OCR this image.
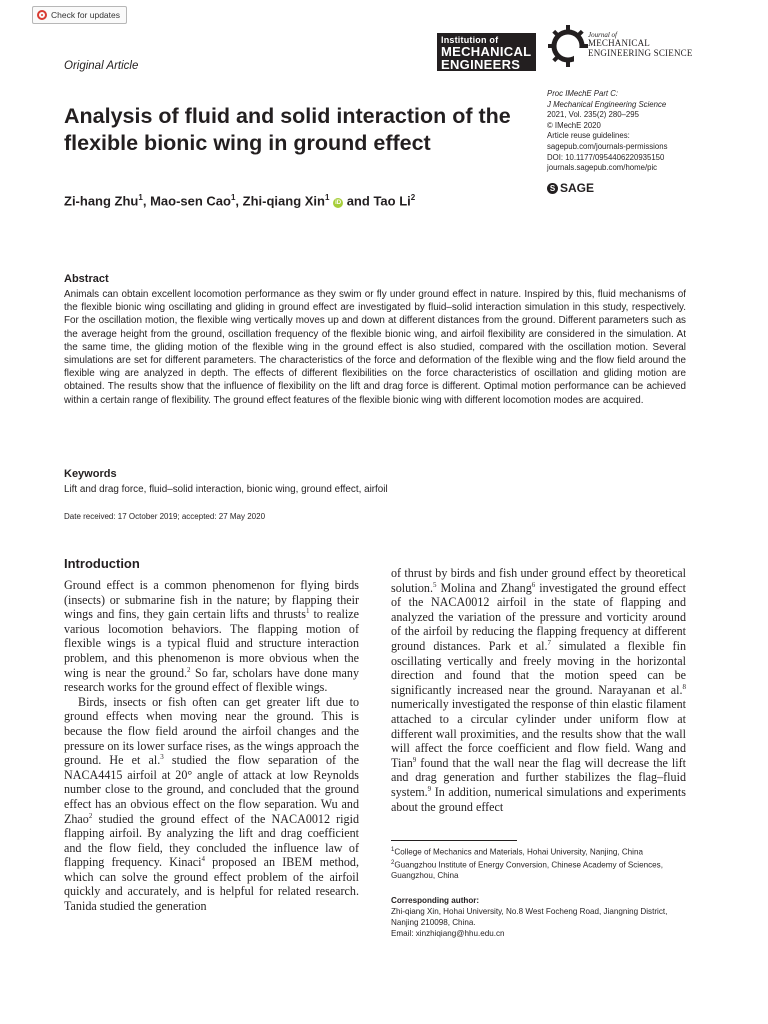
Check for updates
Original Article
Institution of
MECHANICAL
ENGINEERS
Journal of
MECHANICAL
ENGINEERING SCIENCE
Analysis of fluid and solid interaction of the flexible bionic wing in ground effect
Proc IMechE Part C:
J Mechanical Engineering Science
2021, Vol. 235(2) 280–295
© IMechE 2020
Article reuse guidelines:
sagepub.com/journals-permissions
DOI: 10.1177/0954406220935150
journals.sagepub.com/home/pic
S SAGE
Zi-hang Zhu$^1$, Mao-sen Cao$^1$, Zhi-qiang Xin$^1$ iD and Tao Li$^2$
Abstract
Animals can obtain excellent locomotion performance as they swim or fly under ground effect in nature. Inspired by this, fluid mechanisms of the flexible bionic wing oscillating and gliding in ground effect are investigated by fluid–solid interaction simulation in this study, respectively. For the oscillation motion, the flexible wing vertically moves up and down at different distances from the ground. Different parameters such as the average height from the ground, oscillation frequency of the flexible bionic wing, and airfoil flexibility are considered in the simulation. At the same time, the gliding motion of the flexible wing in the ground effect is also studied, compared with the oscillation motion. Several simulations are set for different parameters. The characteristics of the force and deformation of the flexible wing and the flow field around the flexible wing are analyzed in depth. The effects of different flexibilities on the force characteristics of oscillation and gliding motion are obtained. The results show that the influence of flexibility on the lift and drag force is different. Optimal motion performance can be achieved within a certain range of flexibility. The ground effect features of the flexible bionic wing with different locomotion modes are acquired.
Keywords
Lift and drag force, fluid–solid interaction, bionic wing, ground effect, airfoil
Date received: 17 October 2019; accepted: 27 May 2020
Introduction

Ground effect is a common phenomenon for flying birds (insects) or submarine fish in the nature; by flapping their wings and fins, they gain certain lifts and thrusts$^1$ to realize various locomotion behaviors. The flapping motion of flexible wings is a typical fluid and structure interaction problem, and this phenomenon is more obvious when the wing is near the ground.$^2$ So far, scholars have done many research works for the ground effect of flexible wings.

Birds, insects or fish often can get greater lift due to ground effects when moving near the ground. This is because the flow field around the airfoil changes and the pressure on its lower surface rises, as the wings approach the ground. He et al.$^3$ studied the flow separation of the NACA4415 airfoil at 20° angle of attack at low Reynolds number close to the ground, and concluded that the ground effect has an obvious effect on the flow separation. Wu and Zhao$^2$ studied the ground effect of the NACA0012 rigid flapping airfoil. By analyzing the lift and drag coefficient and the flow field, they concluded the influence law of flapping frequency. Kinaci$^4$ proposed an IBEM method, which can solve the ground effect problem of the airfoil quickly and accurately, and is helpful for related research. Tanida studied the generation

of thrust by birds and fish under ground effect by theoretical solution.$^5$ Molina and Zhang$^6$ investigated the ground effect of the NACA0012 airfoil in the state of flapping and analyzed the variation of the pressure and vorticity around of the airfoil by reducing the flapping frequency at different ground distances. Park et al.$^7$ simulated a flexible fin oscillating vertically and freely moving in the horizontal direction and found that the motion speed can be significantly increased near the ground. Narayanan et al.$^8$ numerically investigated the response of thin elastic filament attached to a circular cylinder under uniform flow at different wall proximities, and the results show that the wall will affect the force coefficient and flow field. Wang and Tian$^9$ found that the wall near the flag will decrease the lift and drag generation and further stabilizes the flag–fluid system.$^9$ In addition, numerical simulations and experiments about the ground effect

$^1$College of Mechanics and Materials, Hohai University, Nanjing, China
$^2$Guangzhou Institute of Energy Conversion, Chinese Academy of Sciences, Guangzhou, China
Corresponding author:
Zhi-qiang Xin, Hohai University, No.8 West Focheng Road, Jiangning District, Nanjing 210098, China.
Email: xinzhiqiang@hhu.edu.cn
